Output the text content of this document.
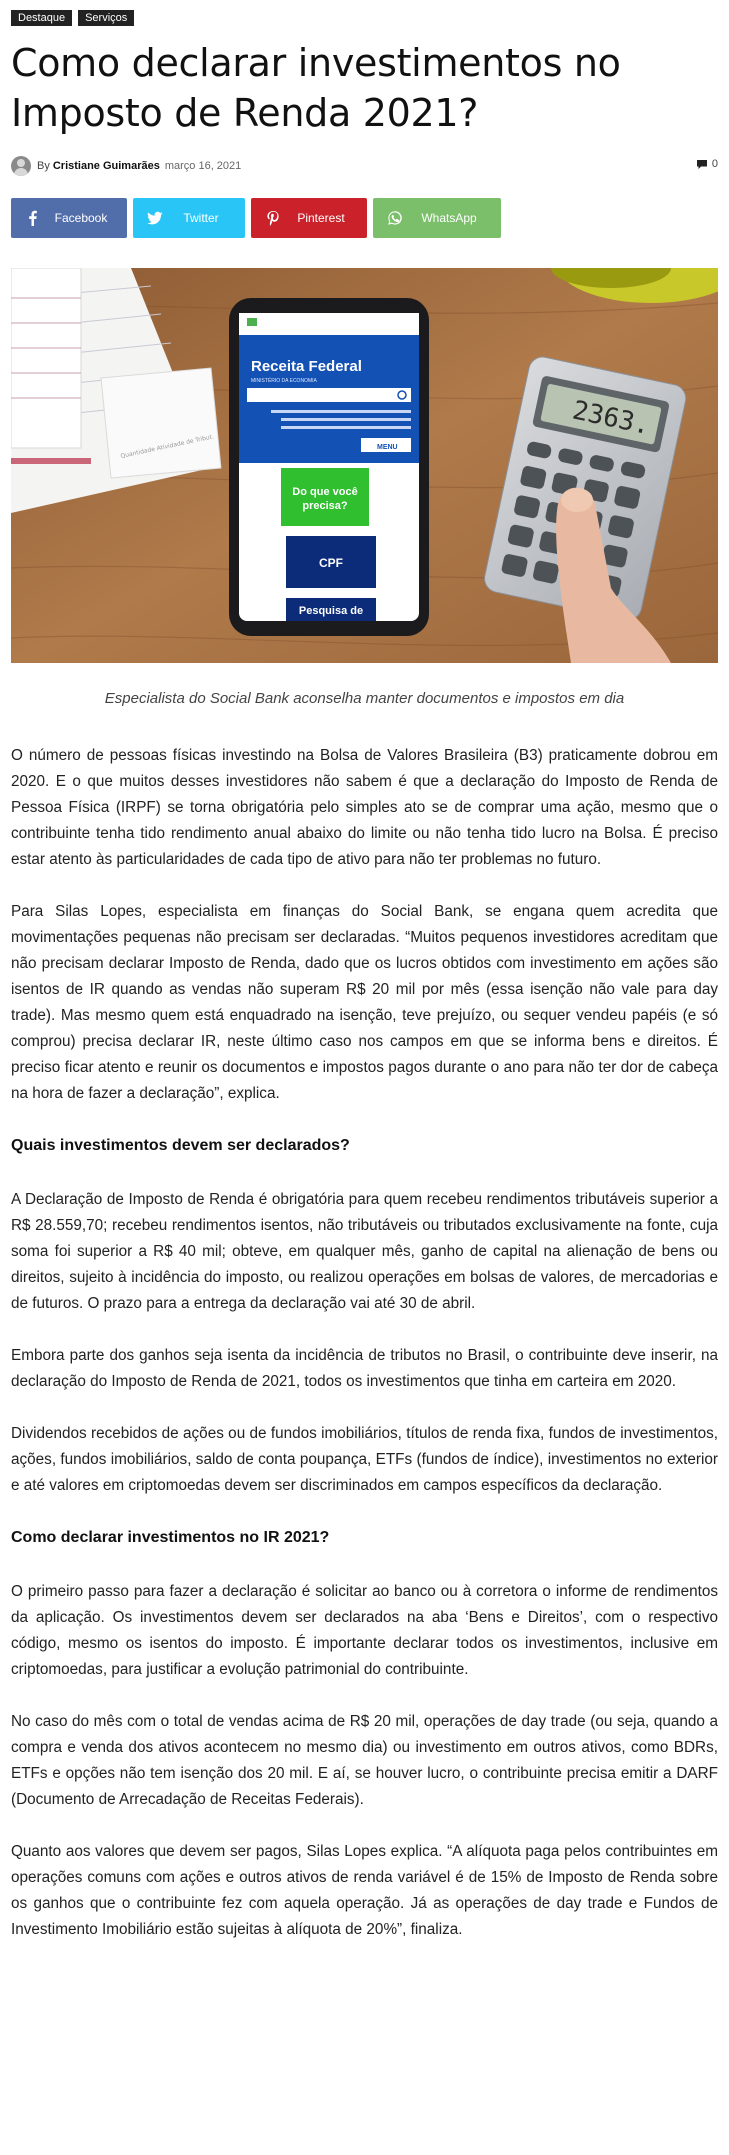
Destaque	Serviços
Como declarar investimentos no Imposto de Renda 2021?
By Cristiane Guimarães março 16, 2021	0
Facebook	Twitter	Pinterest	WhatsApp
Quantidade Atividade de Tribut.
Receita Federal
MINISTÉRIO DA ECONOMIA
MENU
Do que você
precisa?
CPF
Pesquisa de
2363.
Especialista do Social Bank aconselha manter documentos e impostos em dia

O número de pessoas físicas investindo na Bolsa de Valores Brasileira (B3) praticamente dobrou em 2020. E o que muitos desses investidores não sabem é que a declaração do Imposto de Renda de Pessoa Física (IRPF) se torna obrigatória pelo simples ato se de comprar uma ação, mesmo que o contribuinte tenha tido rendimento anual abaixo do limite ou não tenha tido lucro na Bolsa. É preciso estar atento às particularidades de cada tipo de ativo para não ter problemas no futuro.

Para Silas Lopes, especialista em finanças do Social Bank, se engana quem acredita que movimentações pequenas não precisam ser declaradas. “Muitos pequenos investidores acreditam que não precisam declarar Imposto de Renda, dado que os lucros obtidos com investimento em ações são isentos de IR quando as vendas não superam R$ 20 mil por mês (essa isenção não vale para day trade). Mas mesmo quem está enquadrado na isenção, teve prejuízo, ou sequer vendeu papéis (e só comprou) precisa declarar IR, neste último caso nos campos em que se informa bens e direitos. É preciso ficar atento e reunir os documentos e impostos pagos durante o ano para não ter dor de cabeça na hora de fazer a declaração”, explica.

Quais investimentos devem ser declarados?

A Declaração de Imposto de Renda é obrigatória para quem recebeu rendimentos tributáveis superior a R$ 28.559,70; recebeu rendimentos isentos, não tributáveis ou tributados exclusivamente na fonte, cuja soma foi superior a R$ 40 mil; obteve, em qualquer mês, ganho de capital na alienação de bens ou direitos, sujeito à incidência do imposto, ou realizou operações em bolsas de valores, de mercadorias e de futuros. O prazo para a entrega da declaração vai até 30 de abril.

Embora parte dos ganhos seja isenta da incidência de tributos no Brasil, o contribuinte deve inserir, na declaração do Imposto de Renda de 2021, todos os investimentos que tinha em carteira em 2020.

Dividendos recebidos de ações ou de fundos imobiliários, títulos de renda fixa, fundos de investimentos, ações, fundos imobiliários, saldo de conta poupança, ETFs (fundos de índice), investimentos no exterior e até valores em criptomoedas devem ser discriminados em campos específicos da declaração.

Como declarar investimentos no IR 2021?

O primeiro passo para fazer a declaração é solicitar ao banco ou à corretora o informe de rendimentos da aplicação. Os investimentos devem ser declarados na aba ‘Bens e Direitos’, com o respectivo código, mesmo os isentos do imposto. É importante declarar todos os investimentos, inclusive em criptomoedas, para justificar a evolução patrimonial do contribuinte.

No caso do mês com o total de vendas acima de R$ 20 mil, operações de day trade (ou seja, quando a compra e venda dos ativos acontecem no mesmo dia) ou investimento em outros ativos, como BDRs, ETFs e opções não tem isenção dos 20 mil. E aí, se houver lucro, o contribuinte precisa emitir a DARF (Documento de Arrecadação de Receitas Federais).

Quanto aos valores que devem ser pagos, Silas Lopes explica. “A alíquota paga pelos contribuintes em operações comuns com ações e outros ativos de renda variável é de 15% de Imposto de Renda sobre os ganhos que o contribuinte fez com aquela operação. Já as operações de day trade e Fundos de Investimento Imobiliário estão sujeitas à alíquota de 20%”, finaliza.
